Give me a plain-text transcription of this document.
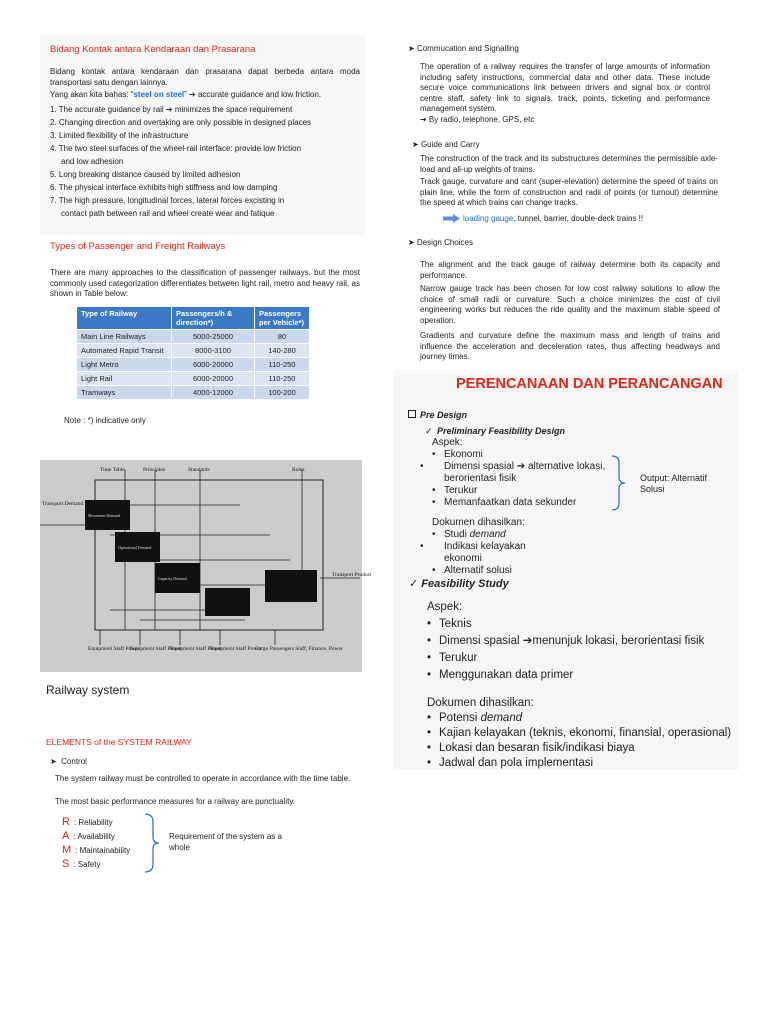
Bidang Kontak antara Kendaraan dan Prasarana
Bidang kontak antara kendaraan dan prasarana dapat berbeda antara moda transportasi satu dengan lainnya.
Yang akan kita bahas: “steel on steel” ➔ accurate guidance and low friction.
1. The accurate guidance by rail ➔ minimizes the space requirement
2. Changing direction and overtaking are only possible in designed places
3. Limited flexibility of the infrastructure
4. The two steel surfaces of the wheel-rail interface: provide low friction
and low adhesion
5. Long breaking distance caused by limited adhesion
6. The physical interface exhibits high stiffness and low damping
7. The high pressure, longitudinal forces, lateral forces excisting in
contact path between rail and wheel create wear and fatique
Types of Passenger and Freight Railways
There are many approaches to the classification of passenger railways, but the most commonly used categorization differentiates between light rail, metro and heavy rail, as shown in Table below:
Type of Railway	Passengers/h & direction*)	Passengers per Vehicle*)
Main Line Railways	5000-25000	80
Automated Rapid Transit	8000-3100	140-280
Light Metro	6000-20000	110-250
Light Rail	6000-20000	110-250
Tramways	4000-12000	100-200
Note : *) indicative only
Time Table	Principles	Standards	Rules
Transport Demand
Transport Product
Equipment Staff Power
Equipment Staff Power
Equipment Staff Power
Equipment Staff Power
Cargo Passengers Staff, Finance, Power
Movement Demand
Operational Demand
Capacity Demand
Railway system
ELEMENTS of the SYSTEM RAILWAY
➤ Control
The system railway must be controlled to operate in accordance with the time table.
The most basic performance measures for a railway are punctuality.
R : Reliability
A : Availability
M : Maintainability
S : Safety
Requirement of the system as a whole
➤ Commucation and Signalling
The operation of a railway requires the transfer of large amounts of information including safety instructions, commercial data and other data. These include secure voice communications link between drivers and signal box or control centre staff, safety link to signals, track, points, ticketing and performance management system.
➔ By radio, telephone, GPS, etc
➤ Guide and Carry
The construction of the track and its substructures determines the permissible axle-load and all-up weights of trains.
Track gauge, curvature and cant (super-elevation) determine the speed of trains on plain line, while the form of construction and radii of points (or turnout) determine the speed at which trains can change tracks.
loading gauge, tunnel, barrier, double-deck trains !!
➤ Design Choices
The alignment and the track gauge of railway determine both its capacity and performance.
Narrow gauge track has been chosen for low cost railway solutions to allow the choice of small radii or curvature. Such a choice minimizes the cost of civil engineering works but reduces the ride quality and the maximum stable speed of operation.
Gradients and curvature define the maximum mass and length of trains and influence the acceleration and deceleration rates, thus affecting headways and journey times.
PERENCANAAN DAN PERANCANGAN
Pre Design
✓ Preliminary Feasibility Design
Aspek:
• Ekonomi
• Dimensi spasial ➔ alternative lokasi, berorientasi fisik
• Terukur
• Memanfaatkan data sekunder
Output: Alternatif Solusi
Dokumen dihasilkan:
• Studi demand
• Indikasi kelayakan ekonomi
• Alternatif solusi
✓ Feasibility Study
Aspek:
• Teknis
• Dimensi spasial ➔menunjuk lokasi, berorientasi fisik
• Terukur
• Menggunakan data primer
Dokumen dihasilkan:
• Potensi demand
• Kajian kelayakan (teknis, ekonomi, finansial, operasional)
• Lokasi dan besaran fisik/indikasi biaya
• Jadwal dan pola implementasi
